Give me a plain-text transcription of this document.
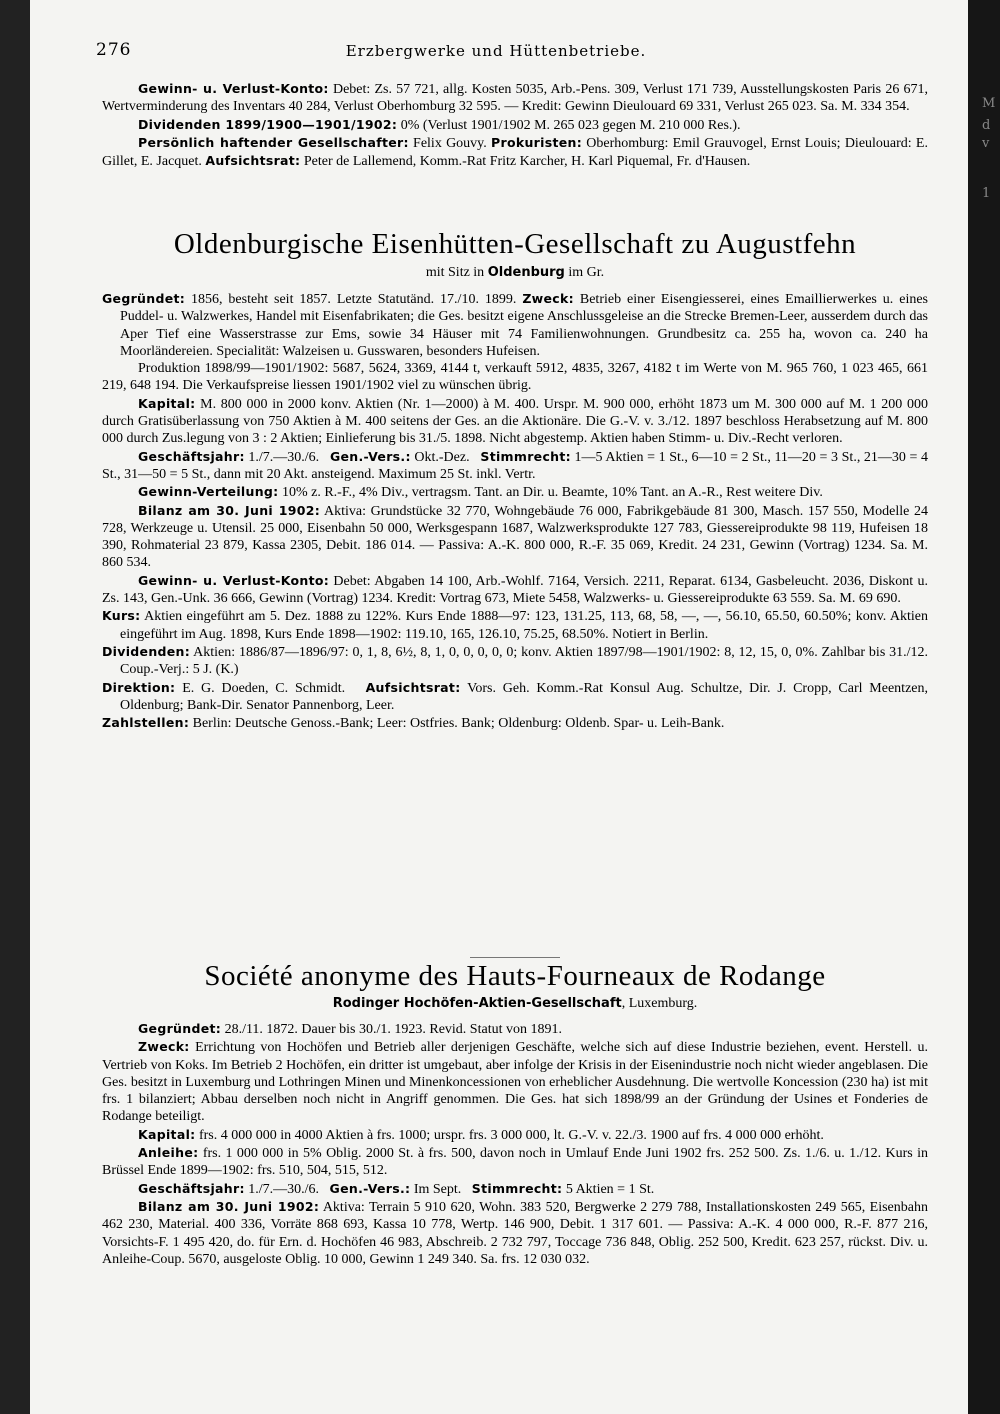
M
d
v
1
276	Erzbergwerke und Hüttenbetriebe.

Gewinn- u. Verlust-Konto: Debet: Zs. 57 721, allg. Kosten 5035, Arb.-Pens. 309, Verlust 171 739, Ausstellungskosten Paris 26 671, Wertverminderung des Inventars 40 284, Verlust Oberhomburg 32 595. — Kredit: Gewinn Dieulouard 69 331, Verlust 265 023. Sa. M. 334 354.

Dividenden 1899/1900—1901/1902: 0% (Verlust 1901/1902 M. 265 023 gegen M. 210 000 Res.).

Persönlich haftender Gesellschafter: Felix Gouvy. Prokuristen: Oberhomburg: Emil Grauvogel, Ernst Louis; Dieulouard: E. Gillet, E. Jacquet. Aufsichtsrat: Peter de Lallemend, Komm.-Rat Fritz Karcher, H. Karl Piquemal, Fr. d'Hausen.

Oldenburgische Eisenhütten-Gesellschaft zu Augustfehn
mit Sitz in Oldenburg im Gr.

Gegründet: 1856, besteht seit 1857. Letzte Statutänd. 17./10. 1899. Zweck: Betrieb einer Eisengiesserei, eines Emaillierwerkes u. eines Puddel- u. Walzwerkes, Handel mit Eisenfabrikaten; die Ges. besitzt eigene Anschlussgeleise an die Strecke Bremen-Leer, ausserdem durch das Aper Tief eine Wasserstrasse zur Ems, sowie 34 Häuser mit 74 Familienwohnungen. Grundbesitz ca. 255 ha, wovon ca. 240 ha Moorländereien. Specialität: Walzeisen u. Gusswaren, besonders Hufeisen.

Produktion 1898/99—1901/1902: 5687, 5624, 3369, 4144 t, verkauft 5912, 4835, 3267, 4182 t im Werte von M. 965 760, 1 023 465, 661 219, 648 194. Die Verkaufspreise liessen 1901/1902 viel zu wünschen übrig.

Kapital: M. 800 000 in 2000 konv. Aktien (Nr. 1—2000) à M. 400. Urspr. M. 900 000, erhöht 1873 um M. 300 000 auf M. 1 200 000 durch Gratisüberlassung von 750 Aktien à M. 400 seitens der Ges. an die Aktionäre. Die G.-V. v. 3./12. 1897 beschloss Herabsetzung auf M. 800 000 durch Zus.legung von 3 : 2 Aktien; Einlieferung bis 31./5. 1898. Nicht abgestemp. Aktien haben Stimm- u. Div.-Recht verloren.

Geschäftsjahr: 1./7.—30./6. Gen.-Vers.: Okt.-Dez. Stimmrecht: 1—5 Aktien = 1 St., 6—10 = 2 St., 11—20 = 3 St., 21—30 = 4 St., 31—50 = 5 St., dann mit 20 Akt. ansteigend. Maximum 25 St. inkl. Vertr.

Gewinn-Verteilung: 10% z. R.-F., 4% Div., vertragsm. Tant. an Dir. u. Beamte, 10% Tant. an A.-R., Rest weitere Div.

Bilanz am 30. Juni 1902: Aktiva: Grundstücke 32 770, Wohngebäude 76 000, Fabrikgebäude 81 300, Masch. 157 550, Modelle 24 728, Werkzeuge u. Utensil. 25 000, Eisenbahn 50 000, Werksgespann 1687, Walzwerksprodukte 127 783, Giessereiprodukte 98 119, Hufeisen 18 390, Rohmaterial 23 879, Kassa 2305, Debit. 186 014. — Passiva: A.-K. 800 000, R.-F. 35 069, Kredit. 24 231, Gewinn (Vortrag) 1234. Sa. M. 860 534.

Gewinn- u. Verlust-Konto: Debet: Abgaben 14 100, Arb.-Wohlf. 7164, Versich. 2211, Reparat. 6134, Gasbeleucht. 2036, Diskont u. Zs. 143, Gen.-Unk. 36 666, Gewinn (Vortrag) 1234. Kredit: Vortrag 673, Miete 5458, Walzwerks- u. Giessereiprodukte 63 559. Sa. M. 69 690.

Kurs: Aktien eingeführt am 5. Dez. 1888 zu 122%. Kurs Ende 1888—97: 123, 131.25, 113, 68, 58, —, —, 56.10, 65.50, 60.50%; konv. Aktien eingeführt im Aug. 1898, Kurs Ende 1898—1902: 119.10, 165, 126.10, 75.25, 68.50%. Notiert in Berlin.

Dividenden: Aktien: 1886/87—1896/97: 0, 1, 8, 6½, 8, 1, 0, 0, 0, 0, 0; konv. Aktien 1897/98—1901/1902: 8, 12, 15, 0, 0%. Zahlbar bis 31./12. Coup.-Verj.: 5 J. (K.)

Direktion: E. G. Doeden, C. Schmidt. Aufsichtsrat: Vors. Geh. Komm.-Rat Konsul Aug. Schultze, Dir. J. Cropp, Carl Meentzen, Oldenburg; Bank-Dir. Senator Pannenborg, Leer.

Zahlstellen: Berlin: Deutsche Genoss.-Bank; Leer: Ostfries. Bank; Oldenburg: Oldenb. Spar- u. Leih-Bank.

Société anonyme des Hauts-Fourneaux de Rodange
Rodinger Hochöfen-Aktien-Gesellschaft, Luxemburg.

Gegründet: 28./11. 1872. Dauer bis 30./1. 1923. Revid. Statut von 1891.

Zweck: Errichtung von Hochöfen und Betrieb aller derjenigen Geschäfte, welche sich auf diese Industrie beziehen, event. Herstell. u. Vertrieb von Koks. Im Betrieb 2 Hochöfen, ein dritter ist umgebaut, aber infolge der Krisis in der Eisenindustrie noch nicht wieder angeblasen. Die Ges. besitzt in Luxemburg und Lothringen Minen und Minenkoncessionen von erheblicher Ausdehnung. Die wertvolle Koncession (230 ha) ist mit frs. 1 bilanziert; Abbau derselben noch nicht in Angriff genommen. Die Ges. hat sich 1898/99 an der Gründung der Usines et Fonderies de Rodange beteiligt.

Kapital: frs. 4 000 000 in 4000 Aktien à frs. 1000; urspr. frs. 3 000 000, lt. G.-V. v. 22./3. 1900 auf frs. 4 000 000 erhöht.

Anleihe: frs. 1 000 000 in 5% Oblig. 2000 St. à frs. 500, davon noch in Umlauf Ende Juni 1902 frs. 252 500. Zs. 1./6. u. 1./12. Kurs in Brüssel Ende 1899—1902: frs. 510, 504, 515, 512.

Geschäftsjahr: 1./7.—30./6. Gen.-Vers.: Im Sept. Stimmrecht: 5 Aktien = 1 St.

Bilanz am 30. Juni 1902: Aktiva: Terrain 5 910 620, Wohn. 383 520, Bergwerke 2 279 788, Installationskosten 249 565, Eisenbahn 462 230, Material. 400 336, Vorräte 868 693, Kassa 10 778, Wertp. 146 900, Debit. 1 317 601. — Passiva: A.-K. 4 000 000, R.-F. 877 216, Vorsichts-F. 1 495 420, do. für Ern. d. Hochöfen 46 983, Abschreib. 2 732 797, Toccage 736 848, Oblig. 252 500, Kredit. 623 257, rückst. Div. u. Anleihe-Coup. 5670, ausgeloste Oblig. 10 000, Gewinn 1 249 340. Sa. frs. 12 030 032.
